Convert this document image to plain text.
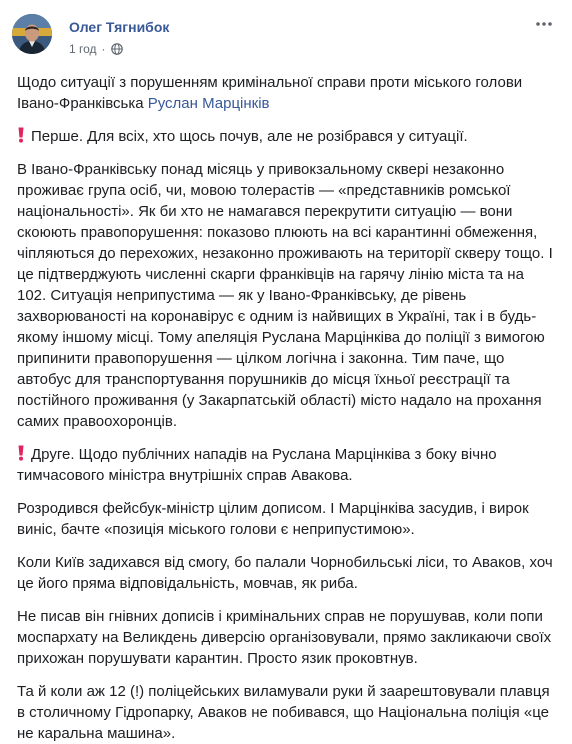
Олег Тягнибок
1 год ·

Щодо ситуації з порушенням кримінальної справи проти міського голови Івано-Франківська Руслан Марцінків

Перше. Для всіх, хто щось почув, але не розібрався у ситуації.

В Івано-Франківську понад місяць у привокзальному сквері незаконно проживає група осіб, чи, мовою толерастів — «представників ромської національності». Як би хто не намагався перекрутити ситуацію — вони скоюють правопорушення: показово плюють на всі карантинні обмеження, чіпляються до перехожих, незаконно проживають на території скверу тощо. І це підтверджують численні скарги франківців на гарячу лінію міста та на 102. Ситуація неприпустима — як у Івано-Франківську, де рівень захворюваності на коронавірус є одним із найвищих в Україні, так і в будь-якому іншому місці. Тому апеляція Руслана Марцінківа до поліції з вимогою припинити правопорушення — цілком логічна і законна. Тим паче, що автобус для транспортування порушників до місця їхньої реєстрації та постійного проживання (у Закарпатській області) місто надало на прохання самих правоохоронців.

Друге. Щодо публічних нападів на Руслана Марцінківа з боку вічно тимчасового міністра внутрішніх справ Авакова.

Розродився фейсбук-міністр цілим дописом. І Марцінківа засудив, і вирок виніс, бачте «позиція міського голови є неприпустимою».

Коли Київ задихався від смогу, бо палали Чорнобильські ліси, то Аваков, хоч це його пряма відповідальність, мовчав, як риба.

Не писав він гнівних дописів і кримінальних справ не порушував, коли попи моспархату на Великдень диверсію організовували, прямо закликаючи своїх прихожан порушувати карантин. Просто язик проковтнув.

Та й коли аж 12 (!) поліцейських виламували руки й заарештовували плавця в столичному Гідропарку, Аваков не побивався, що Національна поліція «це не каральна машина».
